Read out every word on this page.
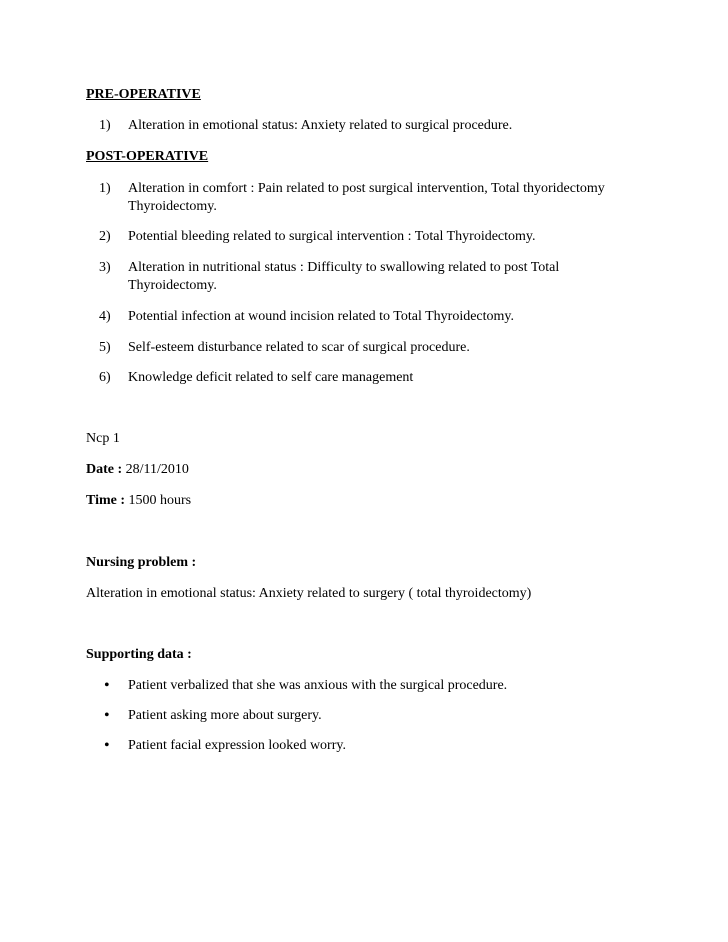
PRE-OPERATIVE
1) Alteration in emotional status: Anxiety related to surgical procedure.
POST-OPERATIVE
1) Alteration in comfort : Pain related to post surgical intervention, Total thyoridectomy
Thyroidectomy.
2) Potential bleeding related to surgical intervention : Total Thyroidectomy.
3) Alteration in nutritional status : Difficulty to swallowing related to post Total
Thyroidectomy.
4) Potential infection at wound incision related to Total Thyroidectomy.
5) Self-esteem disturbance related to scar of surgical procedure.
6) Knowledge deficit related to self care management
Ncp 1
Date : 28/11/2010
Time : 1500 hours
Nursing problem :
Alteration in emotional status: Anxiety related to surgery ( total thyroidectomy)
Supporting data :
• Patient verbalized that she was anxious with the surgical procedure.
• Patient asking more about surgery.
• Patient facial expression looked worry.
